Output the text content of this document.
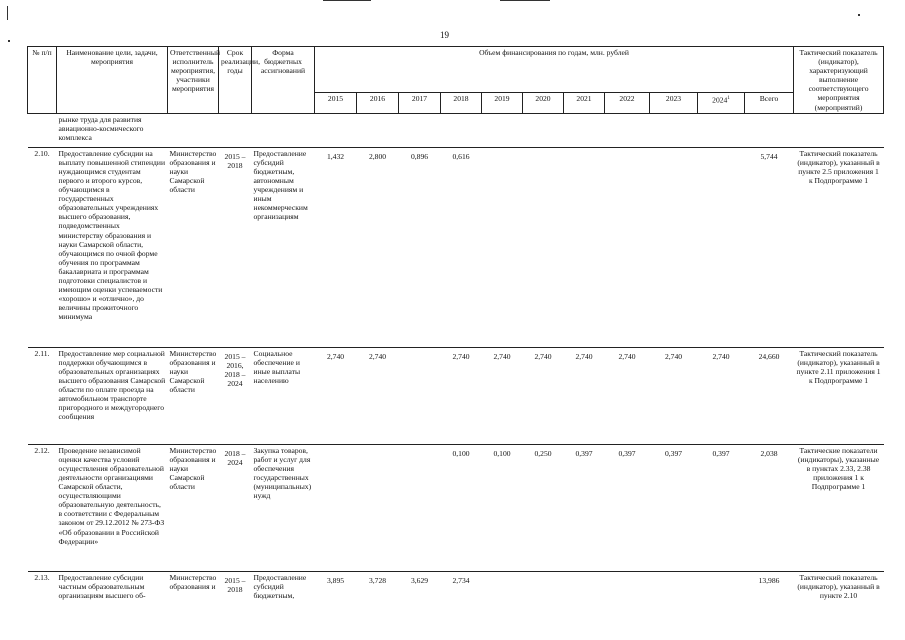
19
№ п/п	Наименование цели, задачи, мероприятия	Ответственный исполнитель мероприятия, участники мероприятия	Срок реализации, годы	Форма бюджетных ассигнований	Объем финансирования по годам, млн. рублей											Тактический показатель (индикатор), характеризующий выполнение соответствующего мероприятия (мероприятий)
					2015	2016	2017	2018	2019	2020	2021	2022	2023	2024$^1$	Всего	
	рынке труда для развития авиационно-космического комплекса															
2.10.	Предоставление субсидии на выплату повышенной стипендии нуждающимся студентам первого и второго курсов, обучающимся в государственных образовательных учреждениях высшего образования, подведомственных министерству образования и науки Самарской области, обучающимся по очной форме обучения по программам бакалавриата и программам подготовки специалистов и имеющим оценки успеваемости «хорошо» и «отлично», до величины прожиточного минимума	Министерство образования и науки Самарской области	2015 – 2018	Предоставление субсидий бюджетным, автономным учреждениям и иным некоммерческим организациям	1,432	2,800	0,896	0,616							5,744	Тактический показатель (индикатор), указанный в пункте 2.5 приложения 1 к Подпрограмме 1
2.11.	Предоставление мер социальной поддержки обучающимся в образовательных организациях высшего образования Самарской области по оплате проезда на автомобильном транспорте пригородного и междугороднего сообщения	Министерство образования и науки Самарской области	2015 – 2016, 2018 – 2024	Социальное обеспечение и иные выплаты населению	2,740	2,740		2,740	2,740	2,740	2,740	2,740	2,740	2,740	24,660	Тактический показатель (индикатор), указанный в пункте 2.11 приложения 1 к Подпрограмме 1
2.12.	Проведение независимой оценки качества условий осуществления образовательной деятельности организациями Самарской области, осуществляющими образовательную деятельность, в соответствии с Федеральным законом от 29.12.2012 № 273-ФЗ «Об образовании в Российской Федерации»	Министерство образования и науки Самарской области	2018 – 2024	Закупка товаров, работ и услуг для обеспечения государственных (муниципальных) нужд				0,100	0,100	0,250	0,397	0,397	0,397	0,397	2,038	Тактические показатели (индикаторы), указанные в пунктах 2.33, 2.38 приложения 1 к Подпрограмме 1
2.13.	Предоставление субсидии частным образовательным организациям высшего об-	Министерство образования и	2015 – 2018	Предоставление субсидий бюджетным,	3,895	3,728	3,629	2,734							13,986	Тактический показатель (индикатор), указанный в пункте 2.10
